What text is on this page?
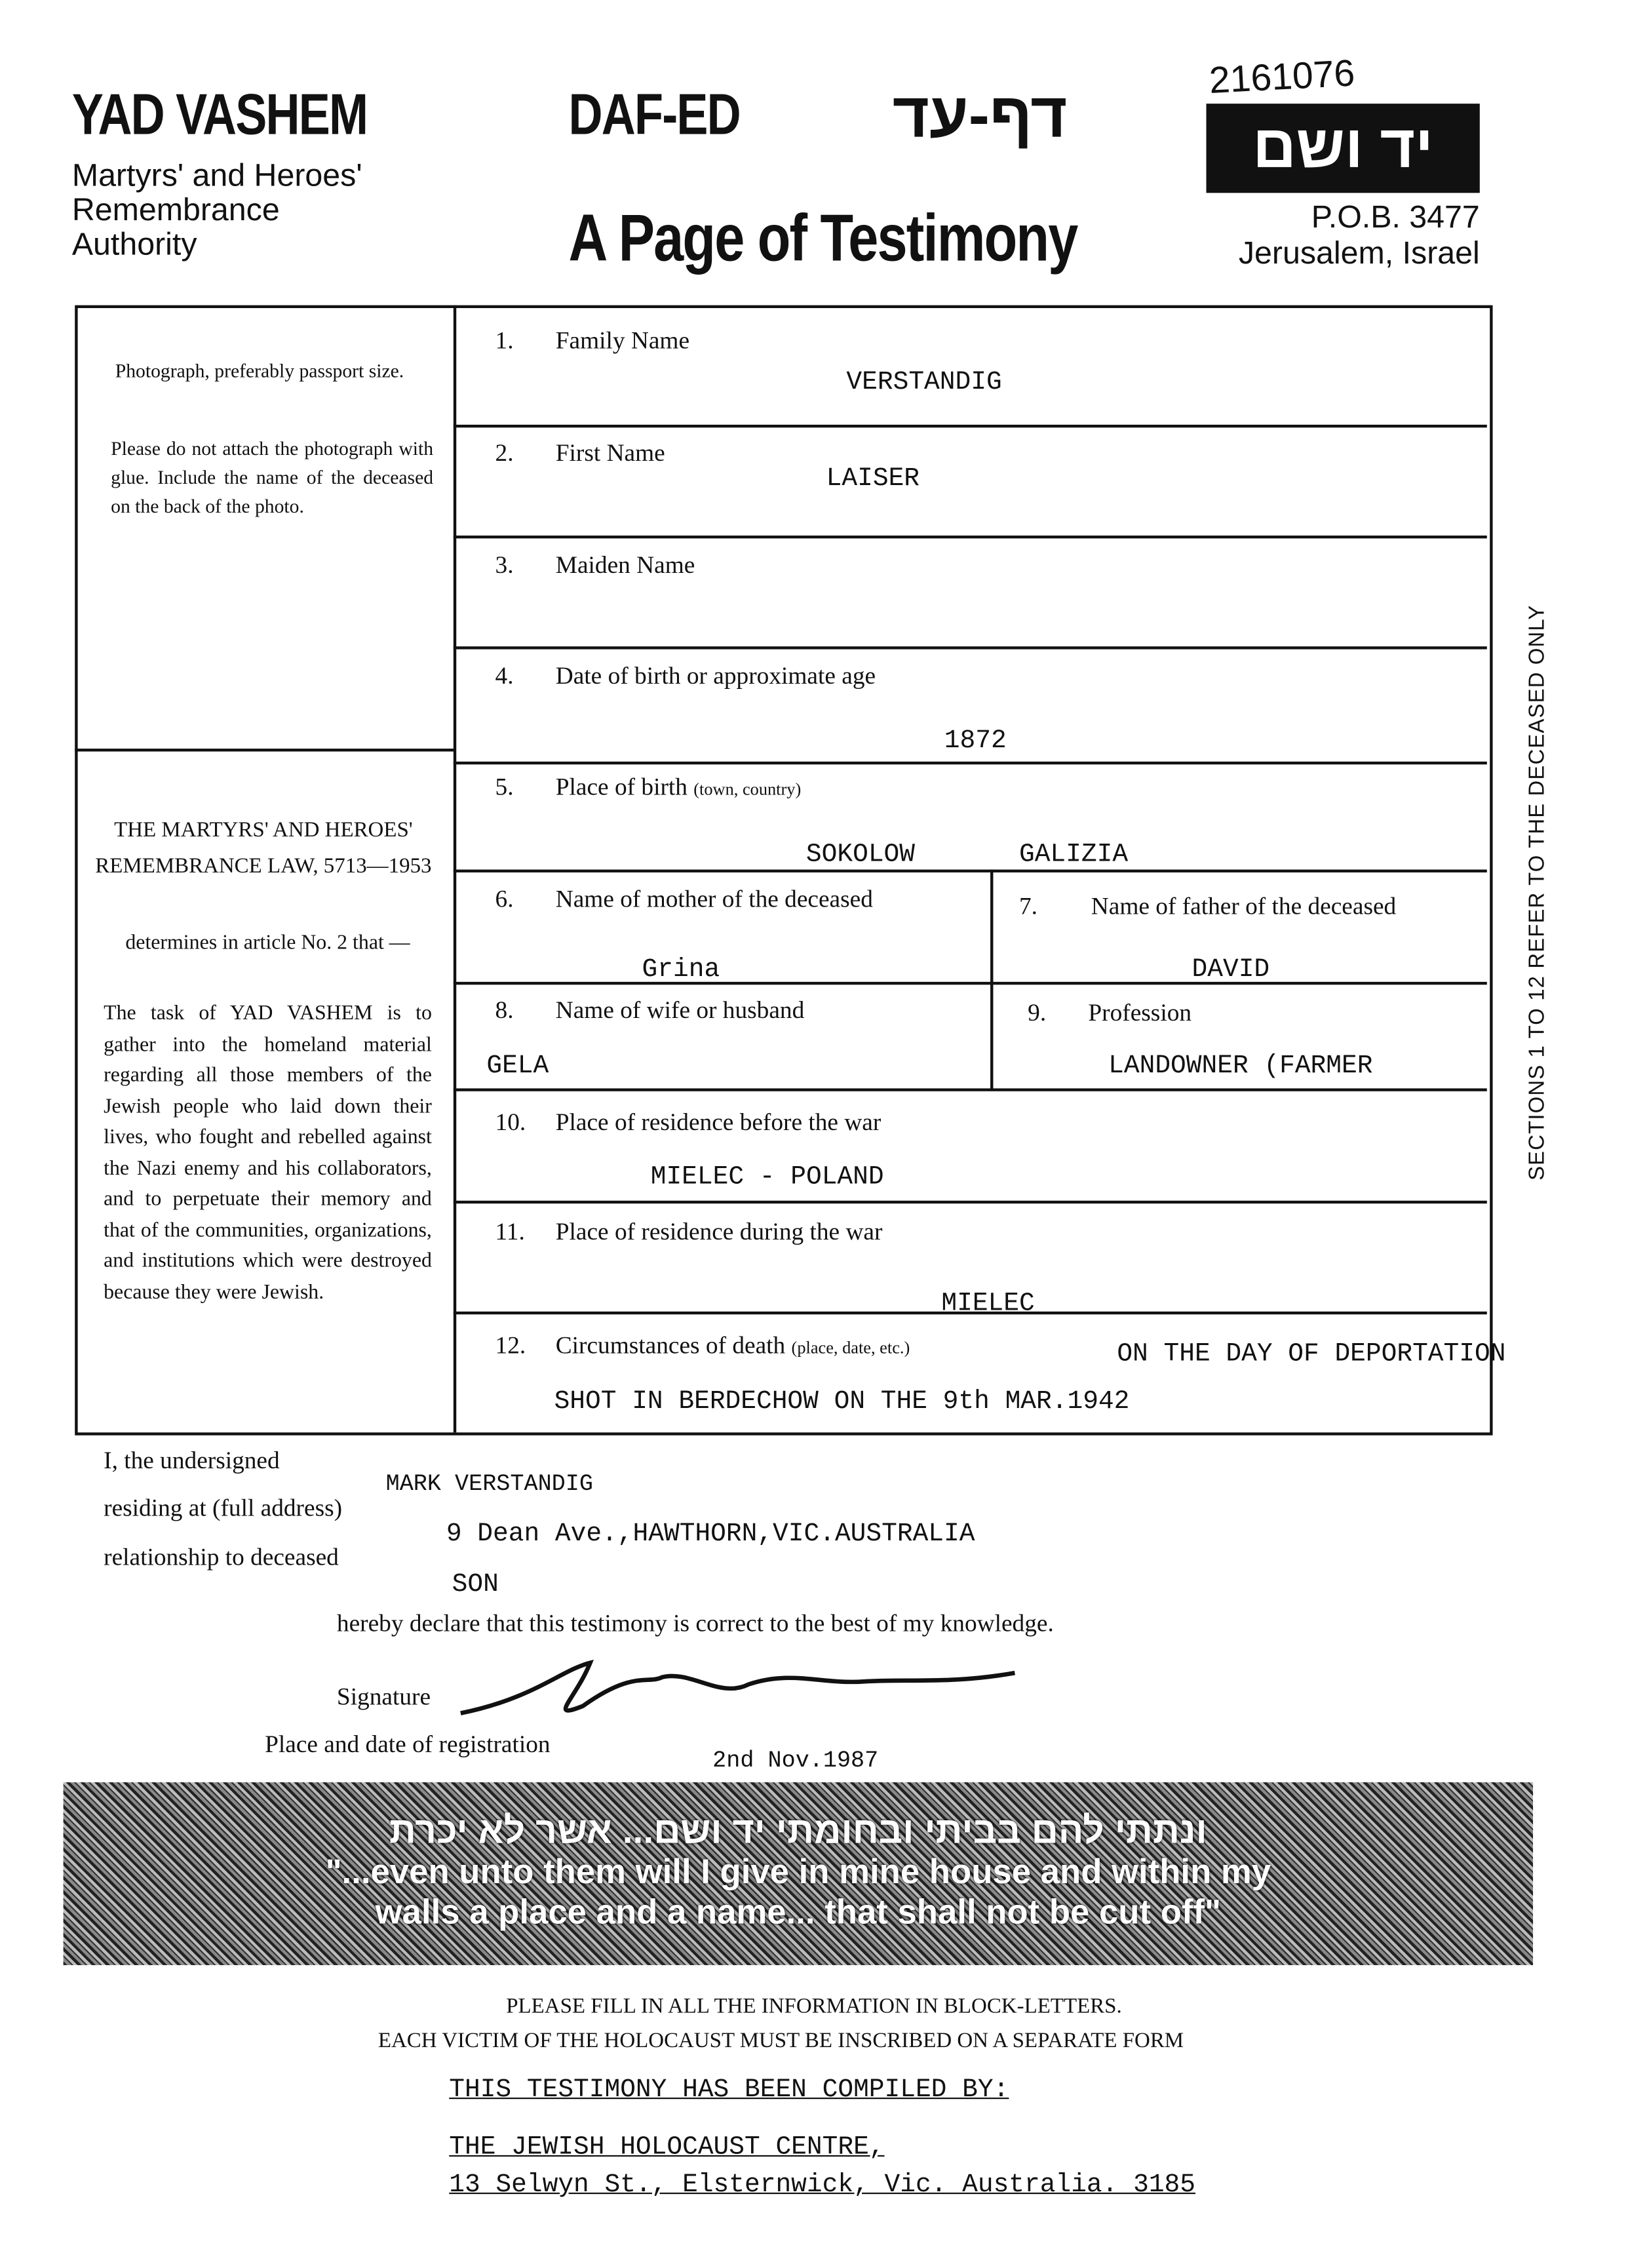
YAD VASHEM
Martyrs' and Heroes'
Remembrance
Authority
DAF-ED	דף-עד
A Page of Testimony
2161076
יד ושם
P.O.B. 3477
Jerusalem, Israel
Photograph, preferably passport size.
Please do not attach the photograph with glue. Include the name of the deceased on the back of the photo.
THE MARTYRS' AND HEROES' REMEMBRANCE LAW, 5713—1953
determines in article No. 2 that —
The task of YAD VASHEM is to gather into the homeland material regarding all those members of the Jewish people who laid down their lives, who fought and rebelled against the Nazi enemy and his collaborators, and to perpetuate their memory and that of the communities, organizations, and institutions which were destroyed because they were Jewish.
1.	Family Name
VERSTANDIG
2.	First Name
LAISER
3.	Maiden Name
4.	Date of birth or approximate age
1872
5.	Place of birth (town, country)
SOKOLOW	GALIZIA
6.	Name of mother of the deceased
Grina
7.	Name of father of the deceased
DAVID
8.	Name of wife or husband
GELA
9.	Profession
LANDOWNER (FARMER
10.	Place of residence before the war
MIELEC - POLAND
11.	Place of residence during the war
MIELEC
12.	Circumstances of death (place, date, etc.)	ON THE DAY OF DEPORTATION
SHOT IN BERDECHOW ON THE 9th MAR.1942
SECTIONS 1 TO 12 REFER TO THE DECEASED ONLY
I, the undersigned
MARK VERSTANDIG
residing at (full address)
9 Dean Ave.,HAWTHORN,VIC.AUSTRALIA
relationship to deceased
SON
hereby declare that this testimony is correct to the best of my knowledge.
Signature
Place and date of registration
2nd Nov.1987
ונתתי להם בביתי ובחומתי יד ושם... אשר לא יכרת
"...even unto them will I give in mine house and within my
walls a place and a name... that shall not be cut off"
PLEASE FILL IN ALL THE INFORMATION IN BLOCK-LETTERS.
EACH VICTIM OF THE HOLOCAUST MUST BE INSCRIBED ON A SEPARATE FORM
THIS TESTIMONY HAS BEEN COMPILED BY:
THE JEWISH HOLOCAUST CENTRE,
13 Selwyn St., Elsternwick, Vic. Australia. 3185
